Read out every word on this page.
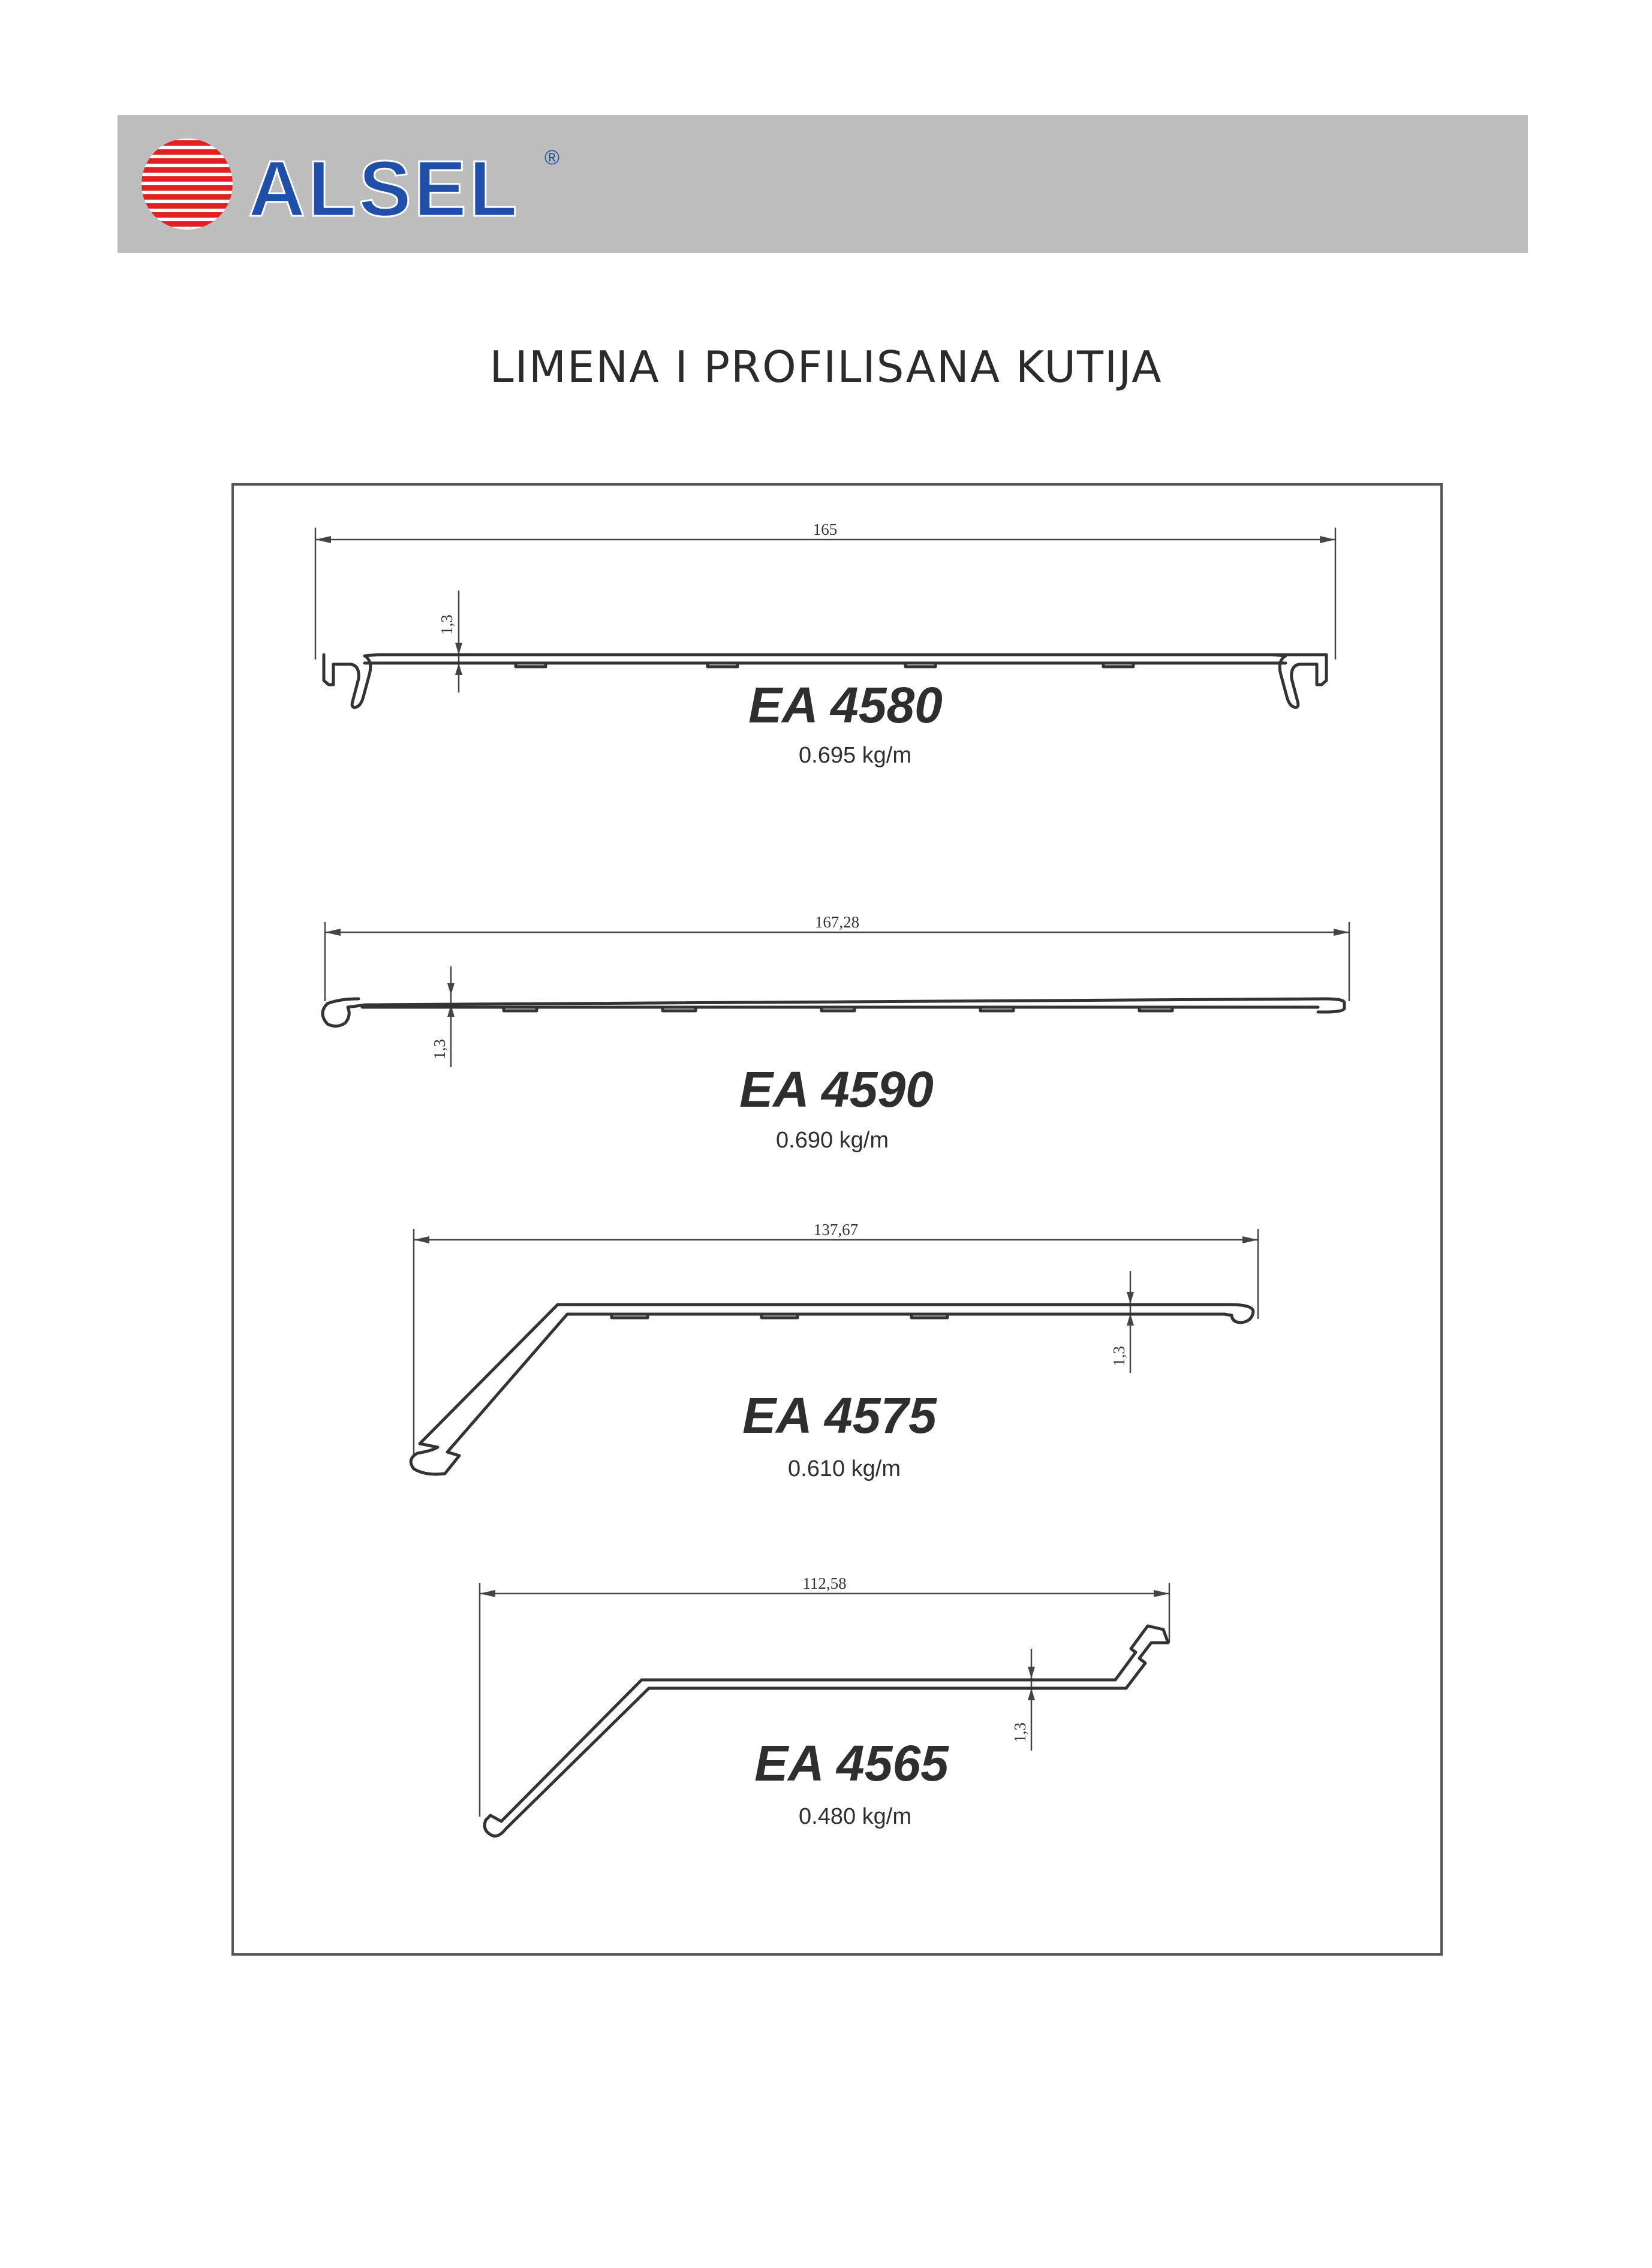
ALSEL ®
LIMENA I PROFILISANA KUTIJA
165
1,3
EA 4580
0.695 kg/m
167,28
1,3
EA 4590
0.690 kg/m
137,67
1,3
EA 4575
0.610 kg/m
112,58
1,3
EA 4565
0.480 kg/m
